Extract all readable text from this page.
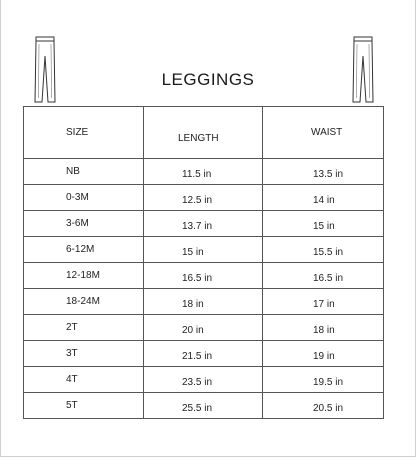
LEGGINGS
SIZE	LENGTH	WAIST
NB	11.5 in	13.5 in
0-3M	12.5 in	14 in
3-6M	13.7 in	15 in
6-12M	15 in	15.5 in
12-18M	16.5 in	16.5 in
18-24M	18 in	17 in
2T	20 in	18 in
3T	21.5 in	19 in
4T	23.5 in	19.5 in
5T	25.5 in	20.5 in
